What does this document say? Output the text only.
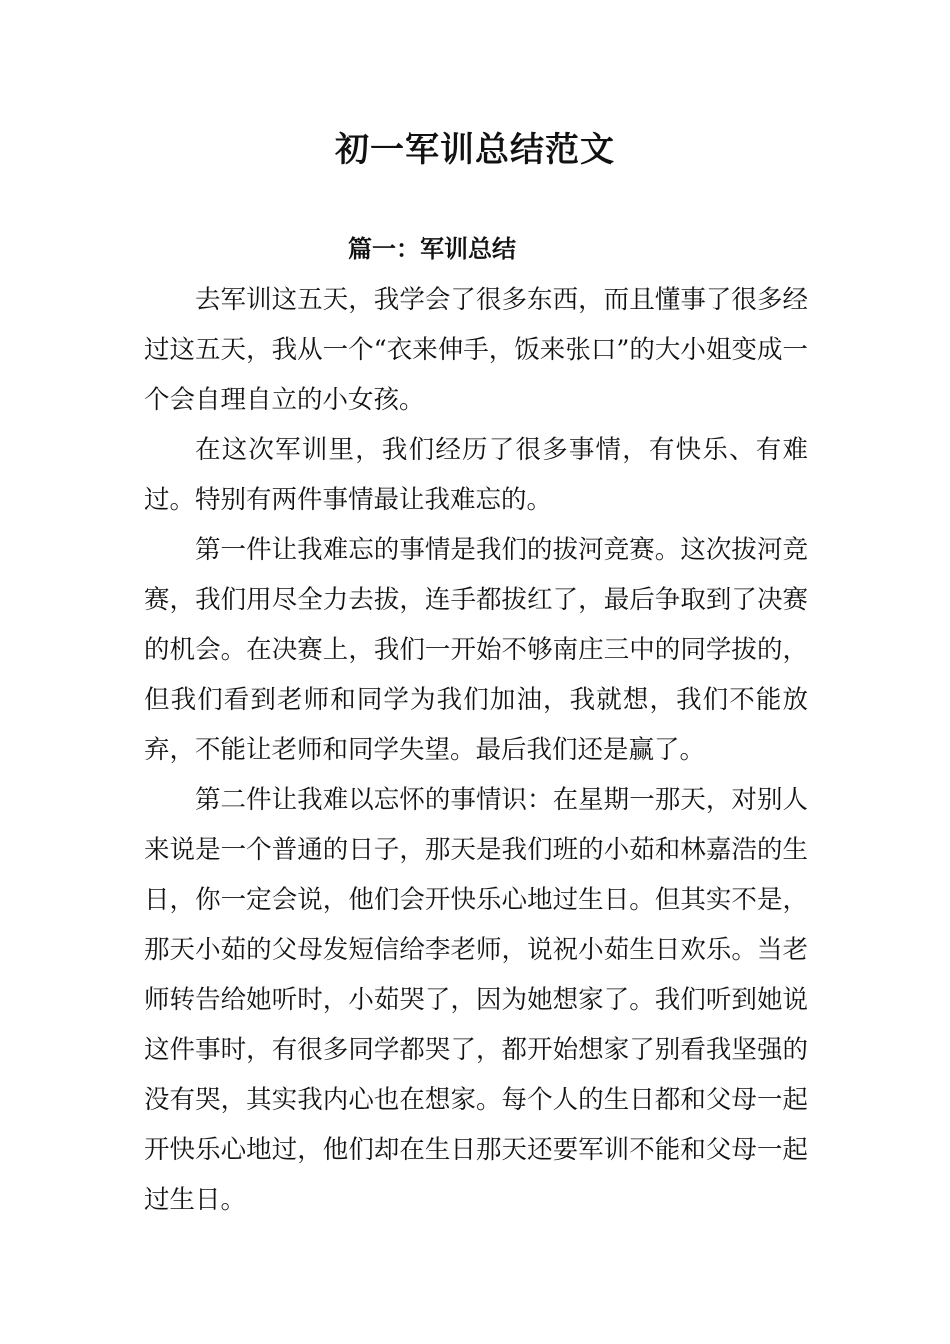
初一军训总结范文
篇一：军训总结

去军训这五天，我学会了很多东西，而且懂事了很多经过这五天，我从一个“衣来伸手，饭来张口”的大小姐变成一个会自理自立的小女孩。

在这次军训里，我们经历了很多事情，有快乐、有难过。特别有两件事情最让我难忘的。

第一件让我难忘的事情是我们的拔河竞赛。这次拔河竞赛，我们用尽全力去拔，连手都拔红了，最后争取到了决赛的机会。在决赛上，我们一开始不够南庄三中的同学拔的，但我们看到老师和同学为我们加油，我就想，我们不能放弃，不能让老师和同学失望。最后我们还是赢了。

第二件让我难以忘怀的事情识：在星期一那天，对别人来说是一个普通的日子，那天是我们班的小茹和林嘉浩的生日，你一定会说，他们会开快乐心地过生日。但其实不是，那天小茹的父母发短信给李老师，说祝小茹生日欢乐。当老师转告给她听时，小茹哭了，因为她想家了。我们听到她说这件事时，有很多同学都哭了，都开始想家了别看我坚强的没有哭，其实我内心也在想家。每个人的生日都和父母一起开快乐心地过，他们却在生日那天还要军训不能和父母一起过生日。
